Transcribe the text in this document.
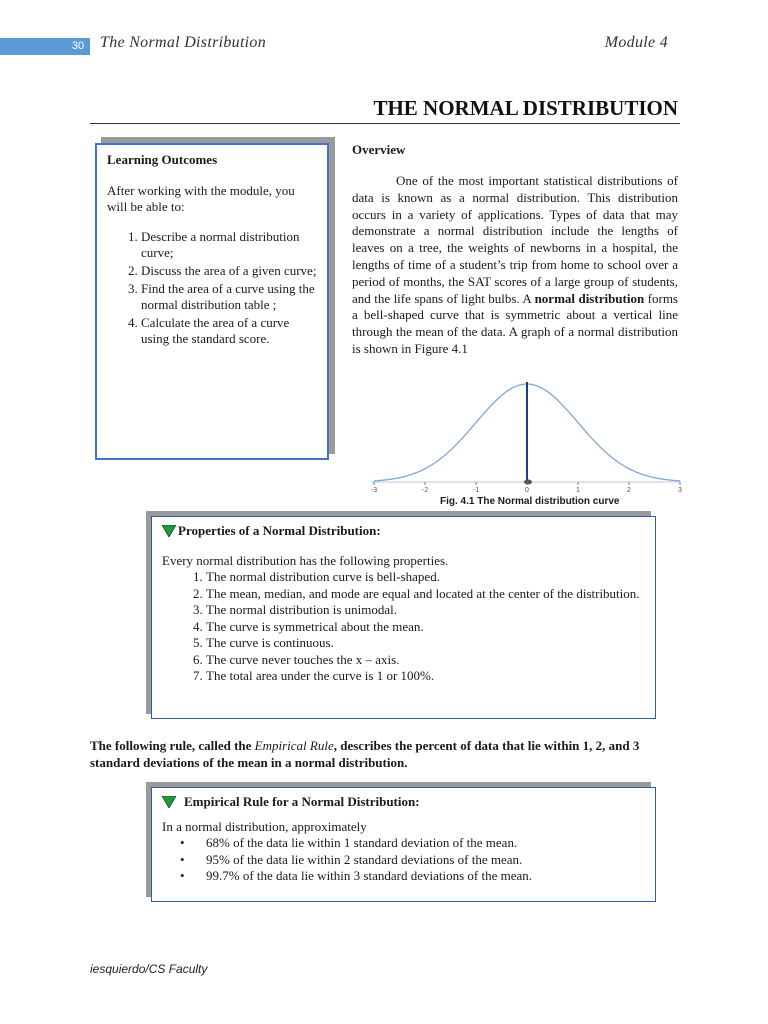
30 The Normal Distribution	Module 4
THE NORMAL DISTRIBUTION
Learning Outcomes
After working with the module, you will be able to:
1. Describe a normal distribution curve;
2. Discuss the area of a given curve;
3. Find the area of a curve using the normal distribution table ;
4. Calculate the area of a curve using the standard score.
Overview

One of the most important statistical distributions of data is known as a normal distribution. This distribution occurs in a variety of applications. Types of data that may demonstrate a normal distribution include the lengths of leaves on a tree, the weights of newborns in a hospital, the lengths of time of a student’s trip from home to school over a period of months, the SAT scores of a large group of students, and the life spans of light bulbs. A normal distribution forms a bell-shaped curve that is symmetric about a vertical line through the mean of the data. A graph of a normal distribution is shown in Figure 4.1

-3	-2	-1	0	1	2	3
Fig. 4.1 The Normal distribution curve
Properties of a Normal Distribution:
Every normal distribution has the following properties.
1. The normal distribution curve is bell-shaped.
2. The mean, median, and mode are equal and located at the center of the distribution.
3. The normal distribution is unimodal.
4. The curve is symmetrical about the mean.
5. The curve is continuous.
6. The curve never touches the x – axis.
7. The total area under the curve is 1 or 100%.

The following rule, called the Empirical Rule, describes the percent of data that lie within 1, 2, and 3 standard deviations of the mean in a normal distribution.

Empirical Rule for a Normal Distribution:
In a normal distribution, approximately
• 68% of the data lie within 1 standard deviation of the mean.
• 95% of the data lie within 2 standard deviations of the mean.
• 99.7% of the data lie within 3 standard deviations of the mean.
iesquierdo/CS Faculty
